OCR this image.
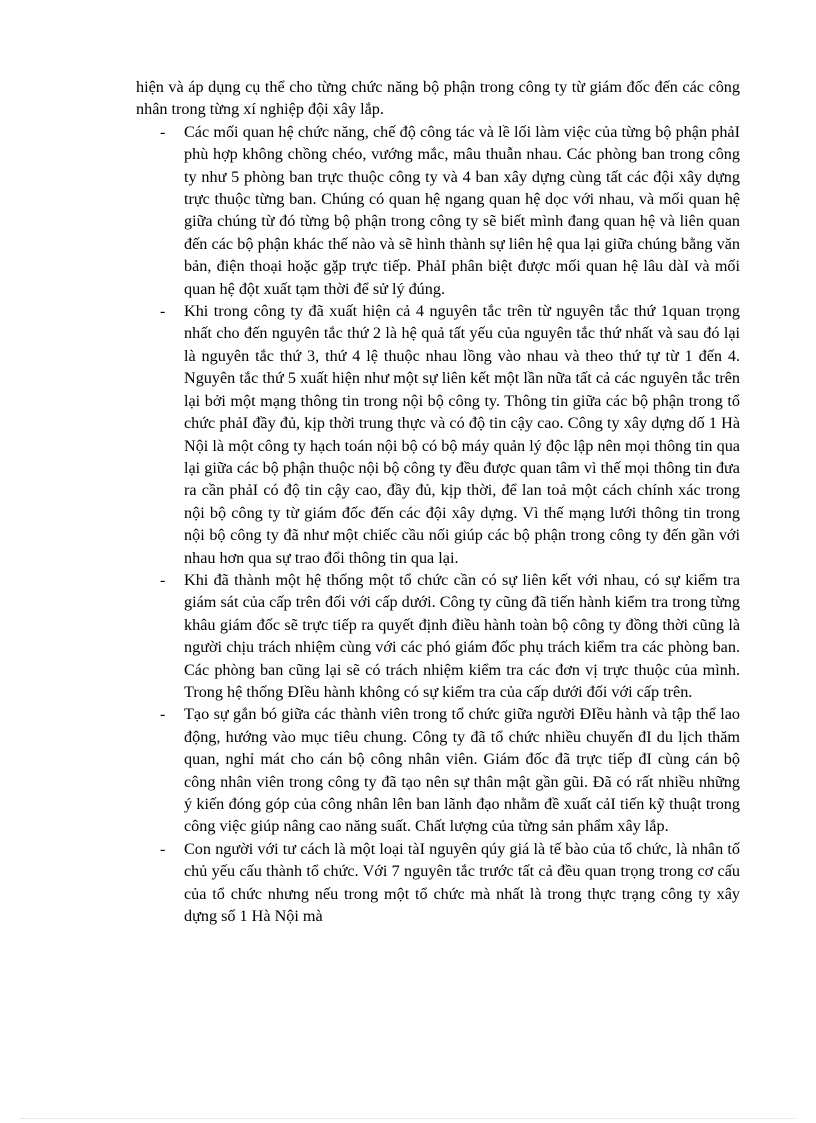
hiện và áp dụng cụ thể cho từng chức năng bộ phận trong công ty từ giám đốc đến các công nhân trong từng xí nghiệp đội xây lắp.

- Các mối quan hệ chức năng, chế độ công tác và lề lối làm việc của từng bộ phận phảI phù hợp không chồng chéo, vướng mắc, mâu thuẫn nhau. Các phòng ban trong công ty như 5 phòng ban trực thuộc công ty và 4 ban xây dựng cùng tất các đội xây dựng trực thuộc từng ban. Chúng có quan hệ ngang quan hệ dọc với nhau, và mối quan hệ giữa chúng từ đó từng bộ phận trong công ty sẽ biết mình đang quan hệ và liên quan đến các bộ phận khác thế nào và sẽ hình thành sự liên hệ qua lại giữa chúng bằng văn bản, điện thoại hoặc gặp trực tiếp. PhảI phân biệt được mối quan hệ lâu dàI và mối quan hệ đột xuất tạm thời để sử lý đúng.
- Khi trong công ty đã xuất hiện cả 4 nguyên tắc trên từ nguyên tắc thứ 1quan trọng nhất cho đến nguyên tắc thứ 2 là hệ quả tất yếu của nguyên tắc thứ nhất và sau đó lại là nguyên tắc thứ 3, thứ 4 lệ thuộc nhau lồng vào nhau và theo thứ tự từ 1 đến 4. Nguyên tắc thứ 5 xuất hiện như một sự liên kết một lần nữa tất cả các nguyên tắc trên lại bởi một mạng thông tin trong nội bộ công ty. Thông tin giữa các bộ phận trong tổ chức phảI đầy đủ, kịp thời trung thực và có độ tin cậy cao. Công ty xây dựng dố 1 Hà Nội là một công ty hạch toán nội bộ có bộ máy quản lý độc lập nên mọi thông tin qua lại giữa các bộ phận thuộc nội bộ công ty đều được quan tâm vì thế mọi thông tin đưa ra cần phảI có độ tin cậy cao, đầy đủ, kịp thời, để lan toả một cách chính xác trong nội bộ công ty từ giám đốc đến các đội xây dựng. Vì thế mạng lưới thông tin trong nội bộ công ty đã như một chiếc cầu nối giúp các bộ phận trong công ty đến gần với nhau hơn qua sự trao đổi thông tin qua lại.
- Khi đã thành một hệ thống một tổ chức cần có sự liên kết với nhau, có sự kiểm tra giám sát của cấp trên đối với cấp dưới. Công ty cũng đã tiến hành kiểm tra trong từng khâu giám đốc sẽ trực tiếp ra quyết định điều hành toàn bộ công ty đồng thời cũng là người chịu trách nhiệm cùng với các phó giám đốc phụ trách kiểm tra các phòng ban. Các phòng ban cũng lại sẽ có trách nhiệm kiểm tra các đơn vị trực thuộc của mình. Trong hệ thống ĐIều hành không có sự kiểm tra của cấp dưới đối với cấp trên.
- Tạo sự gắn bó giữa các thành viên trong tổ chức giữa người ĐIều hành và tập thể lao động, hướng vào mục tiêu chung. Công ty đã tổ chức nhiều chuyến đI du lịch thăm quan, nghỉ mát cho cán bộ công nhân viên. Giám đốc đã trực tiếp đI cùng cán bộ công nhân viên trong công ty đã tạo nên sự thân mật gần gũi. Đã có rất nhiều những ý kiến đóng góp của công nhân lên ban lãnh đạo nhằm đề xuất cảI tiến kỹ thuật trong công việc giúp nâng cao năng suất. Chất lượng của từng sản phẩm xây lắp.
- Con người với tư cách là một loại tàI nguyên qúy giá là tế bào của tổ chức, là nhân tố chủ yếu cấu thành tổ chức. Với 7 nguyên tắc trước tất cả đều quan trọng trong cơ cấu của tổ chức nhưng nếu trong một tổ chức mà nhất là trong thực trạng công ty xây dựng số 1 Hà Nội mà
